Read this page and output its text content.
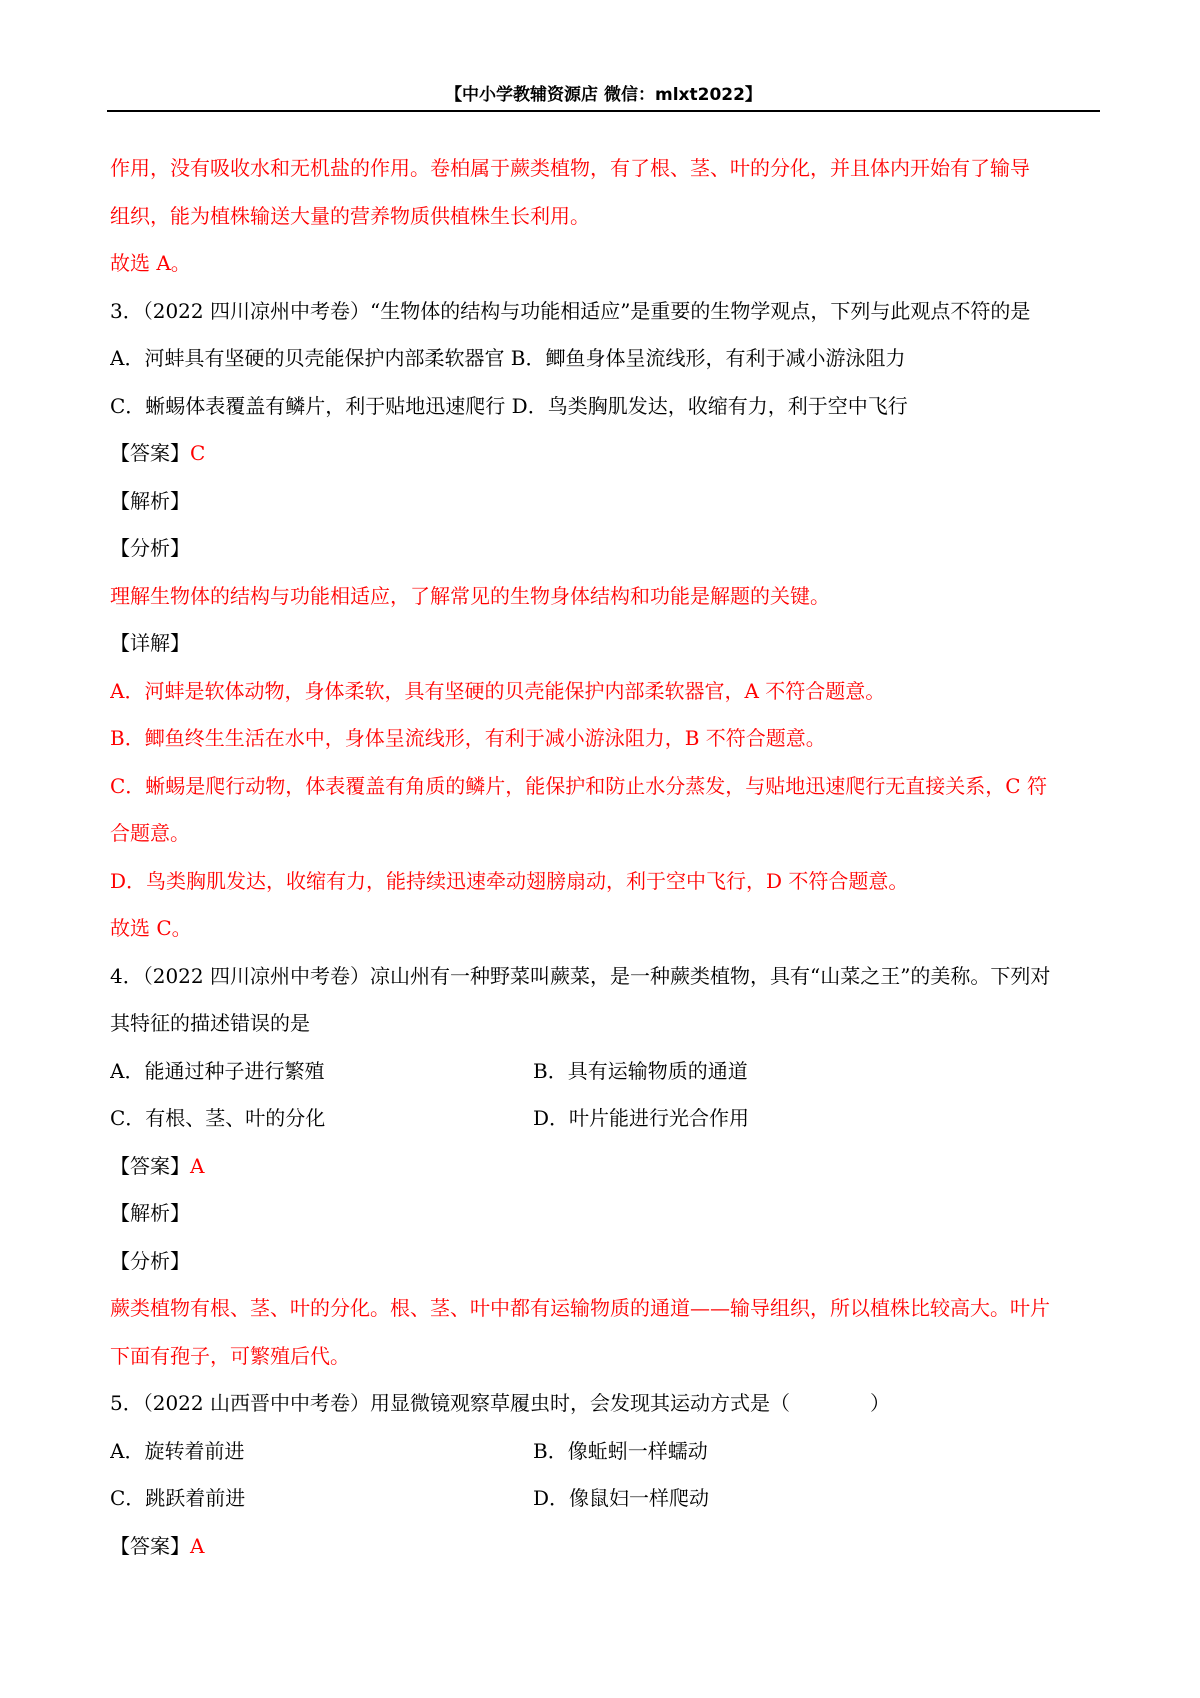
【中小学教辅资源店 微信：mlxt2022】
作用，没有吸收水和无机盐的作用。卷柏属于蕨类植物，有了根、茎、叶的分化，并且体内开始有了输导
组织，能为植株输送大量的营养物质供植株生长利用。
故选 A。
3．（2022 四川凉州中考卷）“生物体的结构与功能相适应”是重要的生物学观点，下列与此观点不符的是
A．河蚌具有坚硬的贝壳能保护内部柔软器官 B．鲫鱼身体呈流线形，有利于减小游泳阻力
C．蜥蜴体表覆盖有鳞片，利于贴地迅速爬行 D．鸟类胸肌发达，收缩有力，利于空中飞行
【答案】C
【解析】
【分析】
理解生物体的结构与功能相适应，了解常见的生物身体结构和功能是解题的关键。
【详解】
A．河蚌是软体动物，身体柔软，具有坚硬的贝壳能保护内部柔软器官，A 不符合题意。
B．鲫鱼终生生活在水中，身体呈流线形，有利于减小游泳阻力，B 不符合题意。
C．蜥蜴是爬行动物，体表覆盖有角质的鳞片，能保护和防止水分蒸发，与贴地迅速爬行无直接关系，C 符
合题意。
D．鸟类胸肌发达，收缩有力，能持续迅速牵动翅膀扇动，利于空中飞行，D 不符合题意。
故选 C。
4．（2022 四川凉州中考卷）凉山州有一种野菜叫蕨菜，是一种蕨类植物，具有“山菜之王”的美称。下列对
其特征的描述错误的是
A．能通过种子进行繁殖	B．具有运输物质的通道
C．有根、茎、叶的分化	D．叶片能进行光合作用
【答案】A
【解析】
【分析】
蕨类植物有根、茎、叶的分化。根、茎、叶中都有运输物质的通道——输导组织，所以植株比较高大。叶片
下面有孢子，可繁殖后代。
5．（2022 山西晋中中考卷）用显微镜观察草履虫时，会发现其运动方式是（　　　　）
A．旋转着前进	B．像蚯蚓一样蠕动
C．跳跃着前进	D．像鼠妇一样爬动
【答案】A
